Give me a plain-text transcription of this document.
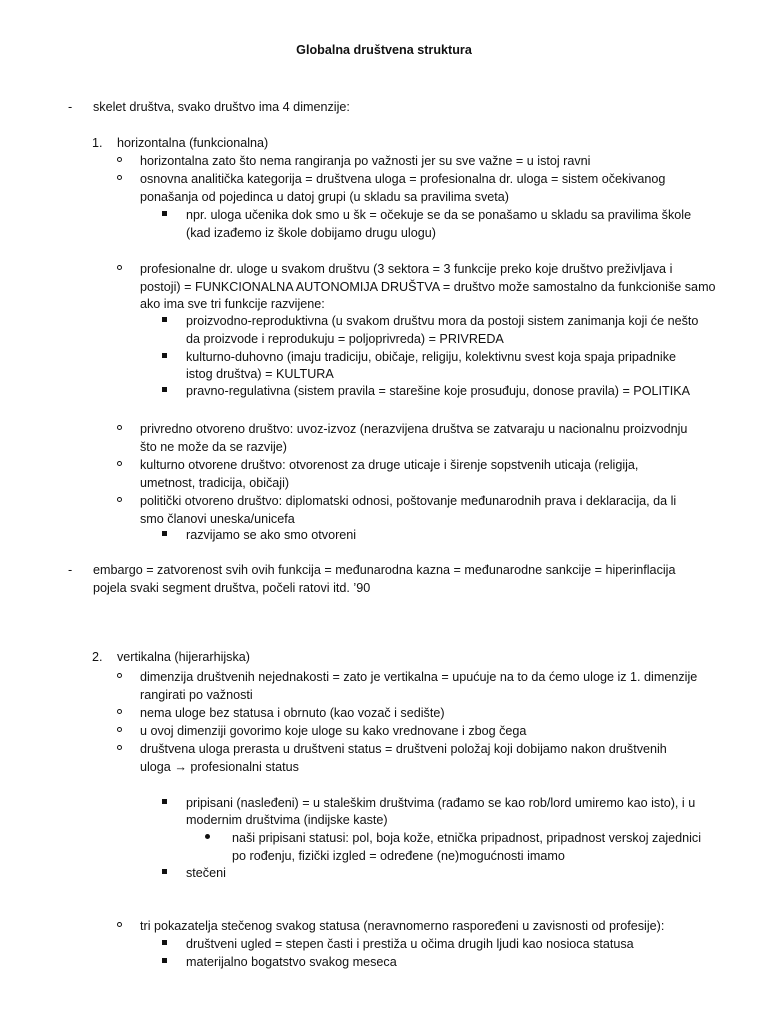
Globalna društvena struktura
-
1.
-
2.
skelet društva, svako društvo ima 4 dimenzije:
horizontalna (funkcionalna)
horizontalna zato što nema rangiranja po važnosti jer su sve važne = u istoj ravni
osnovna analitička kategorija = društvena uloga = profesionalna dr. uloga = sistem očekivanog
ponašanja od pojedinca u datoj grupi (u skladu sa pravilima sveta)
npr. uloga učenika dok smo u šk = očekuje se da se ponašamo u skladu sa pravilima škole
(kad izađemo iz škole dobijamo drugu ulogu)
profesionalne dr. uloge u svakom društvu (3 sektora = 3 funkcije preko koje društvo preživljava i
postoji) = FUNKCIONALNA AUTONOMIJA DRUŠTVA = društvo može samostalno da funkcioniše samo
ako ima sve tri funkcije razvijene:
proizvodno-reproduktivna (u svakom društvu mora da postoji sistem zanimanja koji će nešto
da proizvode i reprodukuju = poljoprivreda) = PRIVREDA
kulturno-duhovno (imaju tradiciju, običaje, religiju, kolektivnu svest koja spaja pripadnike
istog društva) = KULTURA
pravno-regulativna (sistem pravila = starešine koje prosuđuju, donose pravila) = POLITIKA
privredno otvoreno društvo: uvoz-izvoz (nerazvijena društva se zatvaraju u nacionalnu proizvodnju
što ne može da se razvije)
kulturno otvorene društvo: otvorenost za druge uticaje i širenje sopstvenih uticaja (religija,
umetnost, tradicija, običaji)
politički otvoreno društvo: diplomatski odnosi, poštovanje međunarodnih prava i deklaracija, da li
smo članovi uneska/unicefa
razvijamo se ako smo otvoreni
embargo = zatvorenost svih ovih funkcija = međunarodna kazna = međunarodne sankcije = hiperinflacija
pojela svaki segment društva, počeli ratovi itd. ’90
vertikalna (hijerarhijska)
dimenzija društvenih nejednakosti = zato je vertikalna = upućuje na to da ćemo uloge iz 1. dimenzije
rangirati po važnosti
nema uloge bez statusa i obrnuto (kao vozač i sedište)
u ovoj dimenziji govorimo koje uloge su kako vrednovane i zbog čega
društvena uloga prerasta u društveni status = društveni položaj koji dobijamo nakon društvenih
uloga → profesionalni status
pripisani (nasleđeni) = u staleškim društvima (rađamo se kao rob/lord umiremo kao isto), i u
modernim društvima (indijske kaste)
naši pripisani statusi: pol, boja kože, etnička pripadnost, pripadnost verskoj zajednici
po rođenju, fizički izgled = određene (ne)mogućnosti imamo
stečeni
tri pokazatelja stečenog svakog statusa (neravnomerno raspoređeni u zavisnosti od profesije):
društveni ugled = stepen časti i prestiža u očima drugih ljudi kao nosioca statusa
materijalno bogatstvo svakog meseca
